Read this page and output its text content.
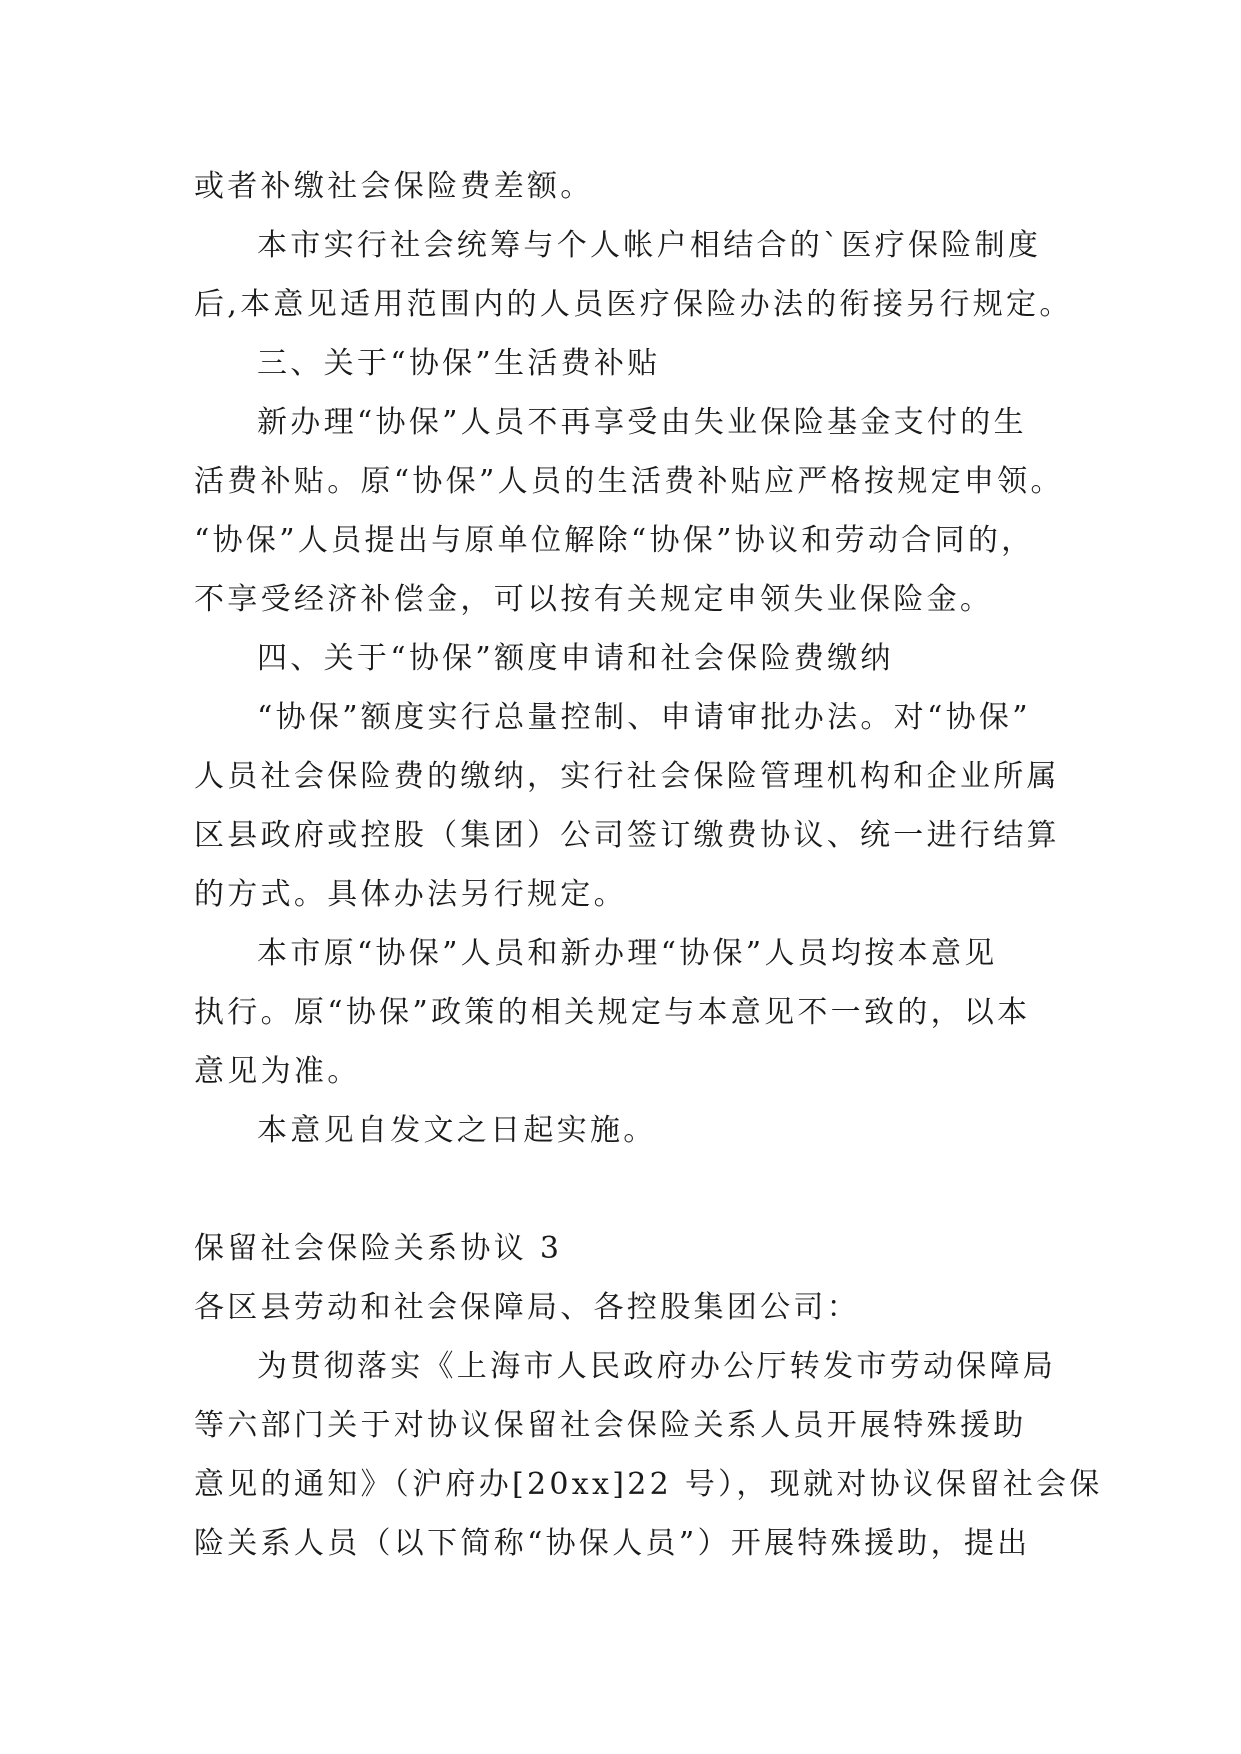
或者补缴社会保险费差额。

本市实行社会统筹与个人帐户相结合的`医疗保险制度
后,本意见适用范围内的人员医疗保险办法的衔接另行规定。

三、关于“协保”生活费补贴

新办理“协保”人员不再享受由失业保险基金支付的生
活费补贴。原“协保”人员的生活费补贴应严格按规定申领。
“协保”人员提出与原单位解除“协保”协议和劳动合同的，
不享受经济补偿金，可以按有关规定申领失业保险金。

四、关于“协保”额度申请和社会保险费缴纳

“协保”额度实行总量控制、申请审批办法。对“协保”
人员社会保险费的缴纳，实行社会保险管理机构和企业所属
区县政府或控股（集团）公司签订缴费协议、统一进行结算
的方式。具体办法另行规定。

本市原“协保”人员和新办理“协保”人员均按本意见
执行。原“协保”政策的相关规定与本意见不一致的，以本
意见为准。

本意见自发文之日起实施。

保留社会保险关系协议 3

各区县劳动和社会保障局、各控股集团公司：

为贯彻落实《上海市人民政府办公厅转发市劳动保障局
等六部门关于对协议保留社会保险关系人员开展特殊援助
意见的通知》（沪府办[20xx]22 号），现就对协议保留社会保
险关系人员（以下简称“协保人员”）开展特殊援助，提出
